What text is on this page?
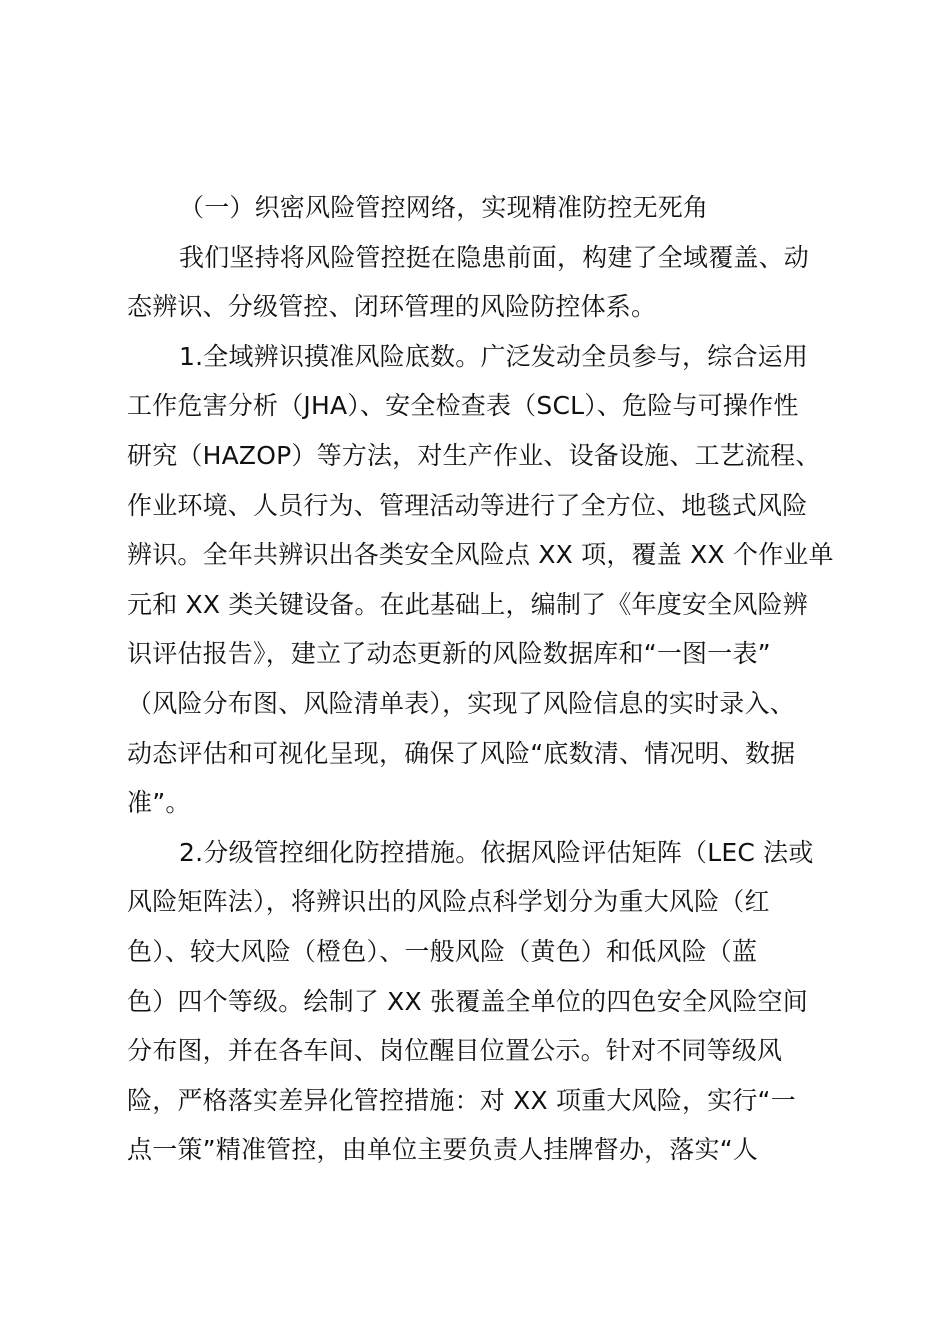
（一）织密风险管控网络，实现精准防控无死角
我们坚持将风险管控挺在隐患前面，构建了全域覆盖、动
态辨识、分级管控、闭环管理的风险防控体系。
1.全域辨识摸准风险底数。广泛发动全员参与，综合运用
工作危害分析（JHA）、安全检查表（SCL）、危险与可操作性
研究（HAZOP）等方法，对生产作业、设备设施、工艺流程、
作业环境、人员行为、管理活动等进行了全方位、地毯式风险
辨识。全年共辨识出各类安全风险点 XX 项，覆盖 XX 个作业单
元和 XX 类关键设备。在此基础上，编制了《年度安全风险辨
识评估报告》，建立了动态更新的风险数据库和“一图一表”
（风险分布图、风险清单表），实现了风险信息的实时录入、
动态评估和可视化呈现，确保了风险“底数清、情况明、数据
准”。
2.分级管控细化防控措施。依据风险评估矩阵（LEC 法或
风险矩阵法），将辨识出的风险点科学划分为重大风险（红
色）、较大风险（橙色）、一般风险（黄色）和低风险（蓝
色）四个等级。绘制了 XX 张覆盖全单位的四色安全风险空间
分布图，并在各车间、岗位醒目位置公示。针对不同等级风
险，严格落实差异化管控措施：对 XX 项重大风险，实行“一
点一策”精准管控，由单位主要负责人挂牌督办，落实“人
